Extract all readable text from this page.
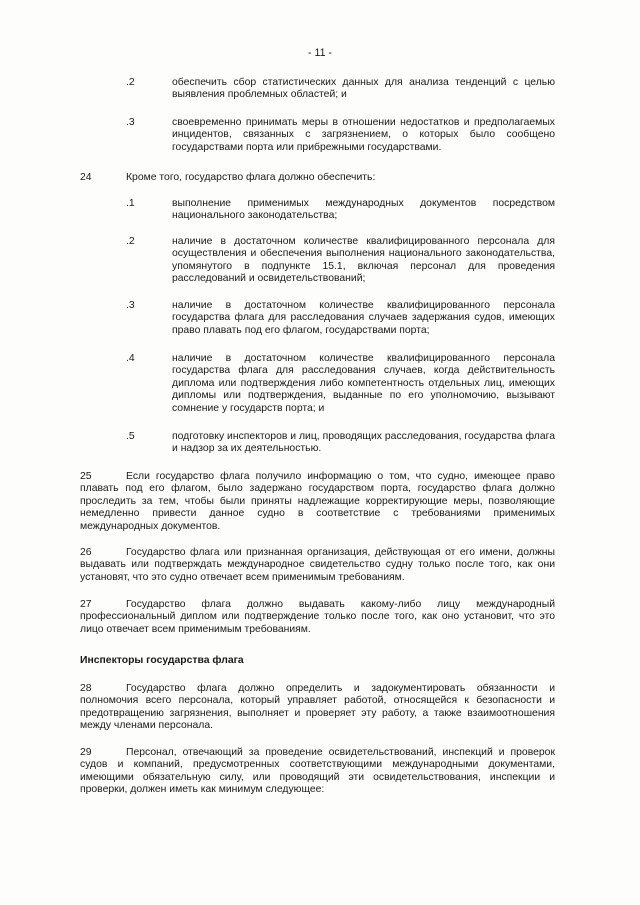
- 11 -
.2	обеспечить сбор статистических данных для анализа тенденций с целью выявления проблемных областей; и
.3	своевременно принимать меры в отношении недостатков и предполагаемых инцидентов, связанных с загрязнением, о которых было сообщено государствами порта или прибрежными государствами.
24	Кроме того, государство флага должно обеспечить:
.1	выполнение применимых международных документов посредством национального законодательства;
.2	наличие в достаточном количестве квалифицированного персонала для осуществления и обеспечения выполнения национального законодательства, упомянутого в подпункте 15.1, включая персонал для проведения расследований и освидетельствований;
.3	наличие в достаточном количестве квалифицированного персонала государства флага для расследования случаев задержания судов, имеющих право плавать под его флагом, государствами порта;
.4	наличие в достаточном количестве квалифицированного персонала государства флага для расследования случаев, когда действительность диплома или подтверждения либо компетентность отдельных лиц, имеющих дипломы или подтверждения, выданные по его уполномочию, вызывают сомнение у государств порта; и
.5	подготовку инспекторов и лиц, проводящих расследования, государства флага и надзор за их деятельностью.
25	Если государство флага получило информацию о том, что судно, имеющее право плавать под его флагом, было задержано государством порта, государство флага должно проследить за тем, чтобы были приняты надлежащие корректирующие меры, позволяющие немедленно привести данное судно в соответствие с требованиями применимых международных документов.
26	Государство флага или признанная организация, действующая от его имени, должны выдавать или подтверждать международное свидетельство судну только после того, как они установят, что это судно отвечает всем применимым требованиям.
27	Государство флага должно выдавать какому-либо лицу международный профессиональный диплом или подтверждение только после того, как оно установит, что это лицо отвечает всем применимым требованиям.
Инспекторы государства флага
28	Государство флага должно определить и задокументировать обязанности и полномочия всего персонала, который управляет работой, относящейся к безопасности и предотвращению загрязнения, выполняет и проверяет эту работу, а также взаимоотношения между членами персонала.
29	Персонал, отвечающий за проведение освидетельствований, инспекций и проверок судов и компаний, предусмотренных соответствующими международными документами, имеющими обязательную силу, или проводящий эти освидетельствования, инспекции и проверки, должен иметь как минимум следующее:
